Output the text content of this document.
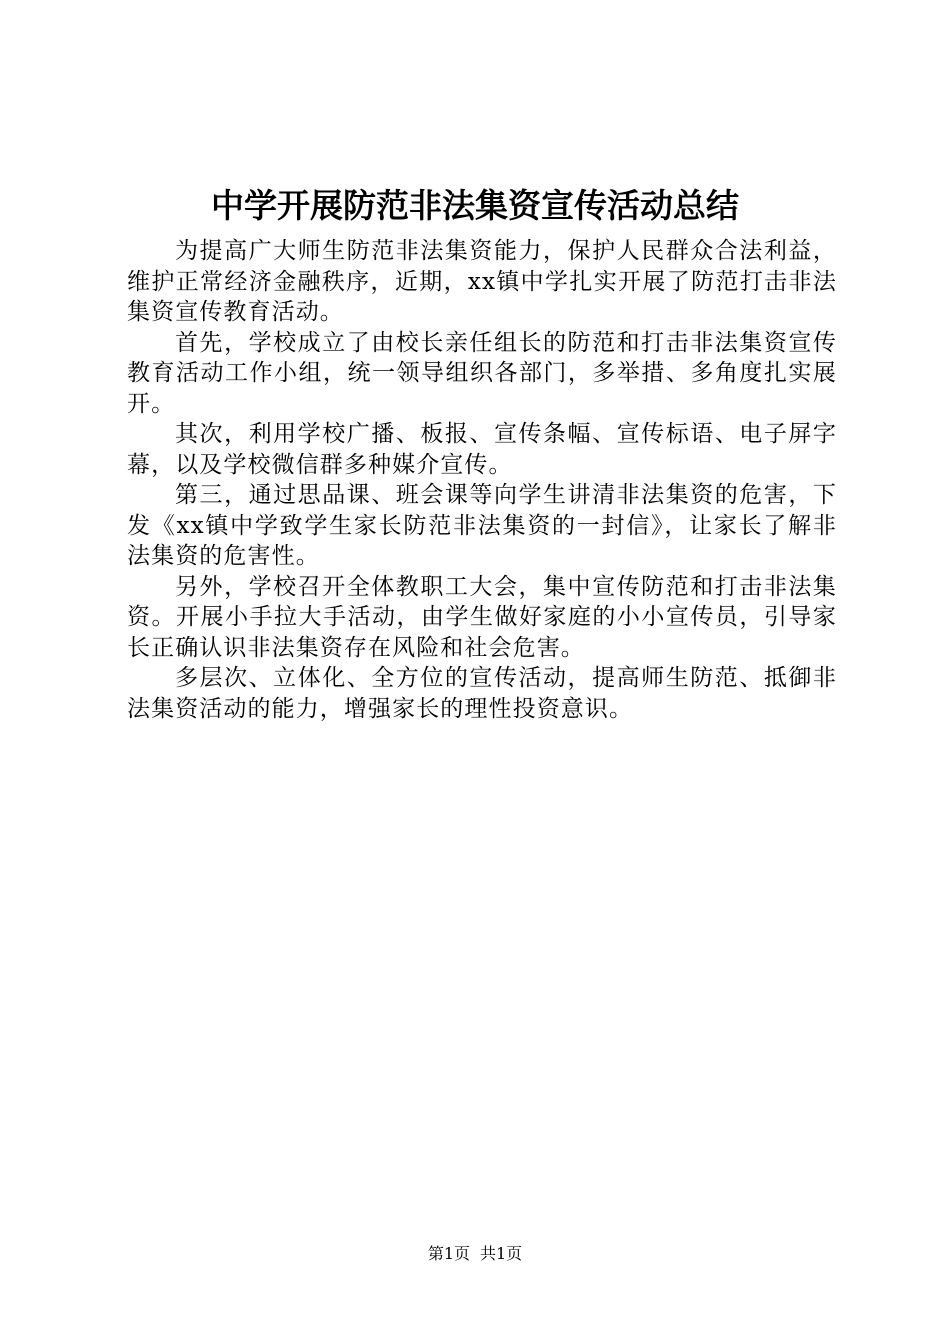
中学开展防范非法集资宣传活动总结

为提高广大师生防范非法集资能力，保护人民群众合法利益，维护正常经济金融秩序，近期，xx镇中学扎实开展了防范打击非法集资宣传教育活动。

首先，学校成立了由校长亲任组长的防范和打击非法集资宣传教育活动工作小组，统一领导组织各部门，多举措、多角度扎实展开。

其次，利用学校广播、板报、宣传条幅、宣传标语、电子屏字幕，以及学校微信群多种媒介宣传。

第三，通过思品课、班会课等向学生讲清非法集资的危害，下发《xx镇中学致学生家长防范非法集资的一封信》，让家长了解非法集资的危害性。

另外，学校召开全体教职工大会，集中宣传防范和打击非法集资。开展小手拉大手活动，由学生做好家庭的小小宣传员，引导家长正确认识非法集资存在风险和社会危害。

多层次、立体化、全方位的宣传活动，提高师生防范、抵御非法集资活动的能力，增强家长的理性投资意识。

第1页 共1页
